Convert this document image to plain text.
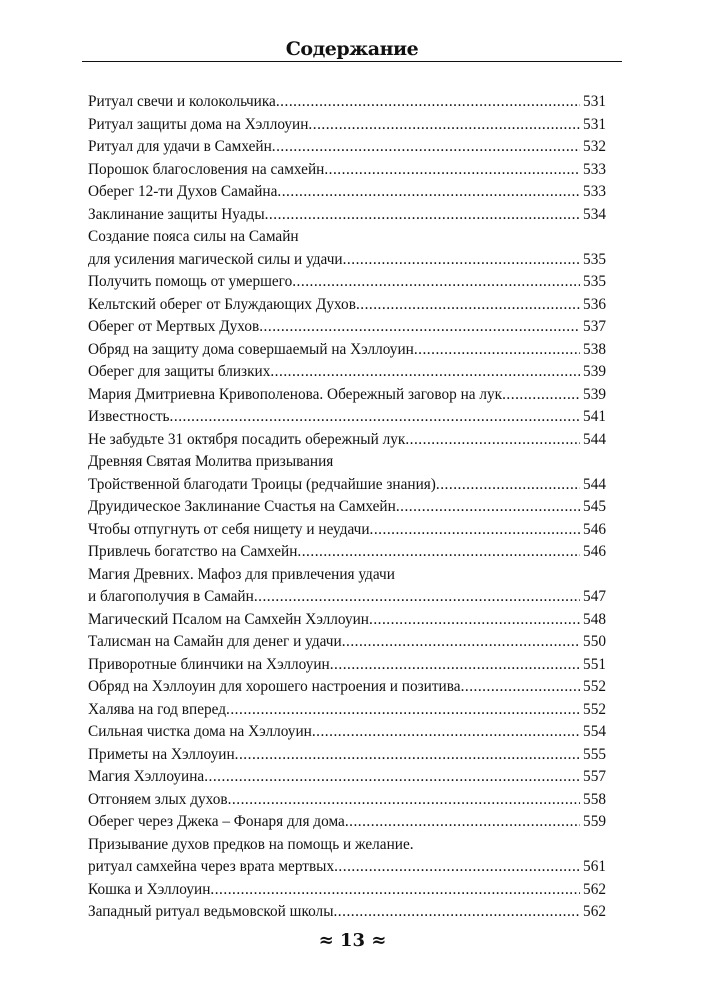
Содержание
Ритуал свечи и колокольчика .....	531
Ритуал защиты дома на Хэллоуин .....	531
Ритуал для удачи в Самхейн .....	532
Порошок благословения на самхейн .....	533
Оберег 12-ти Духов Самайна .....	533
Заклинание защиты Нуады .....	534
Создание пояса силы на Самайн
для усиления магической силы и удачи .....	535
Получить помощь от умершего .....	535
Кельтский оберег от Блуждающих Духов .....	536
Оберег от Мертвых Духов .....	537
Обряд на защиту дома совершаемый на Хэллоуин .....	538
Оберег для защиты близких .....	539
Мария Дмитриевна Кривополенова. Обережный заговор на лук .....	539
Известность .....	541
Не забудьте 31 октября посадить обережный лук .....	544
Древняя Святая Молитва призывания
Тройственной благодати Троицы (редчайшие знания) .....	544
Друидическое Заклинание Счастья на Самхейн .....	545
Чтобы отпугнуть от себя нищету и неудачи .....	546
Привлечь богатство на Самхейн .....	546
Магия Древних. Мафоз для привлечения удачи
и благополучия в Самайн .....	547
Магический Псалом на Самхейн Хэллоуин .....	548
Талисман на Самайн для денег и удачи .....	550
Приворотные блинчики на Хэллоуин .....	551
Обряд на Хэллоуин для хорошего настроения и позитива .....	552
Халява на год вперед .....	552
Сильная чистка дома на Хэллоуин .....	554
Приметы на Хэллоуин .....	555
Магия Хэллоуина .....	557
Отгоняем злых духов .....	558
Оберег через Джека – Фонаря для дома .....	559
Призывание духов предков на помощь и желание.
ритуал самхейна через врата мертвых .....	561
Кошка и Хэллоуин .....	562
Западный ритуал ведьмовской школы .....	562
≈ 13 ≈
